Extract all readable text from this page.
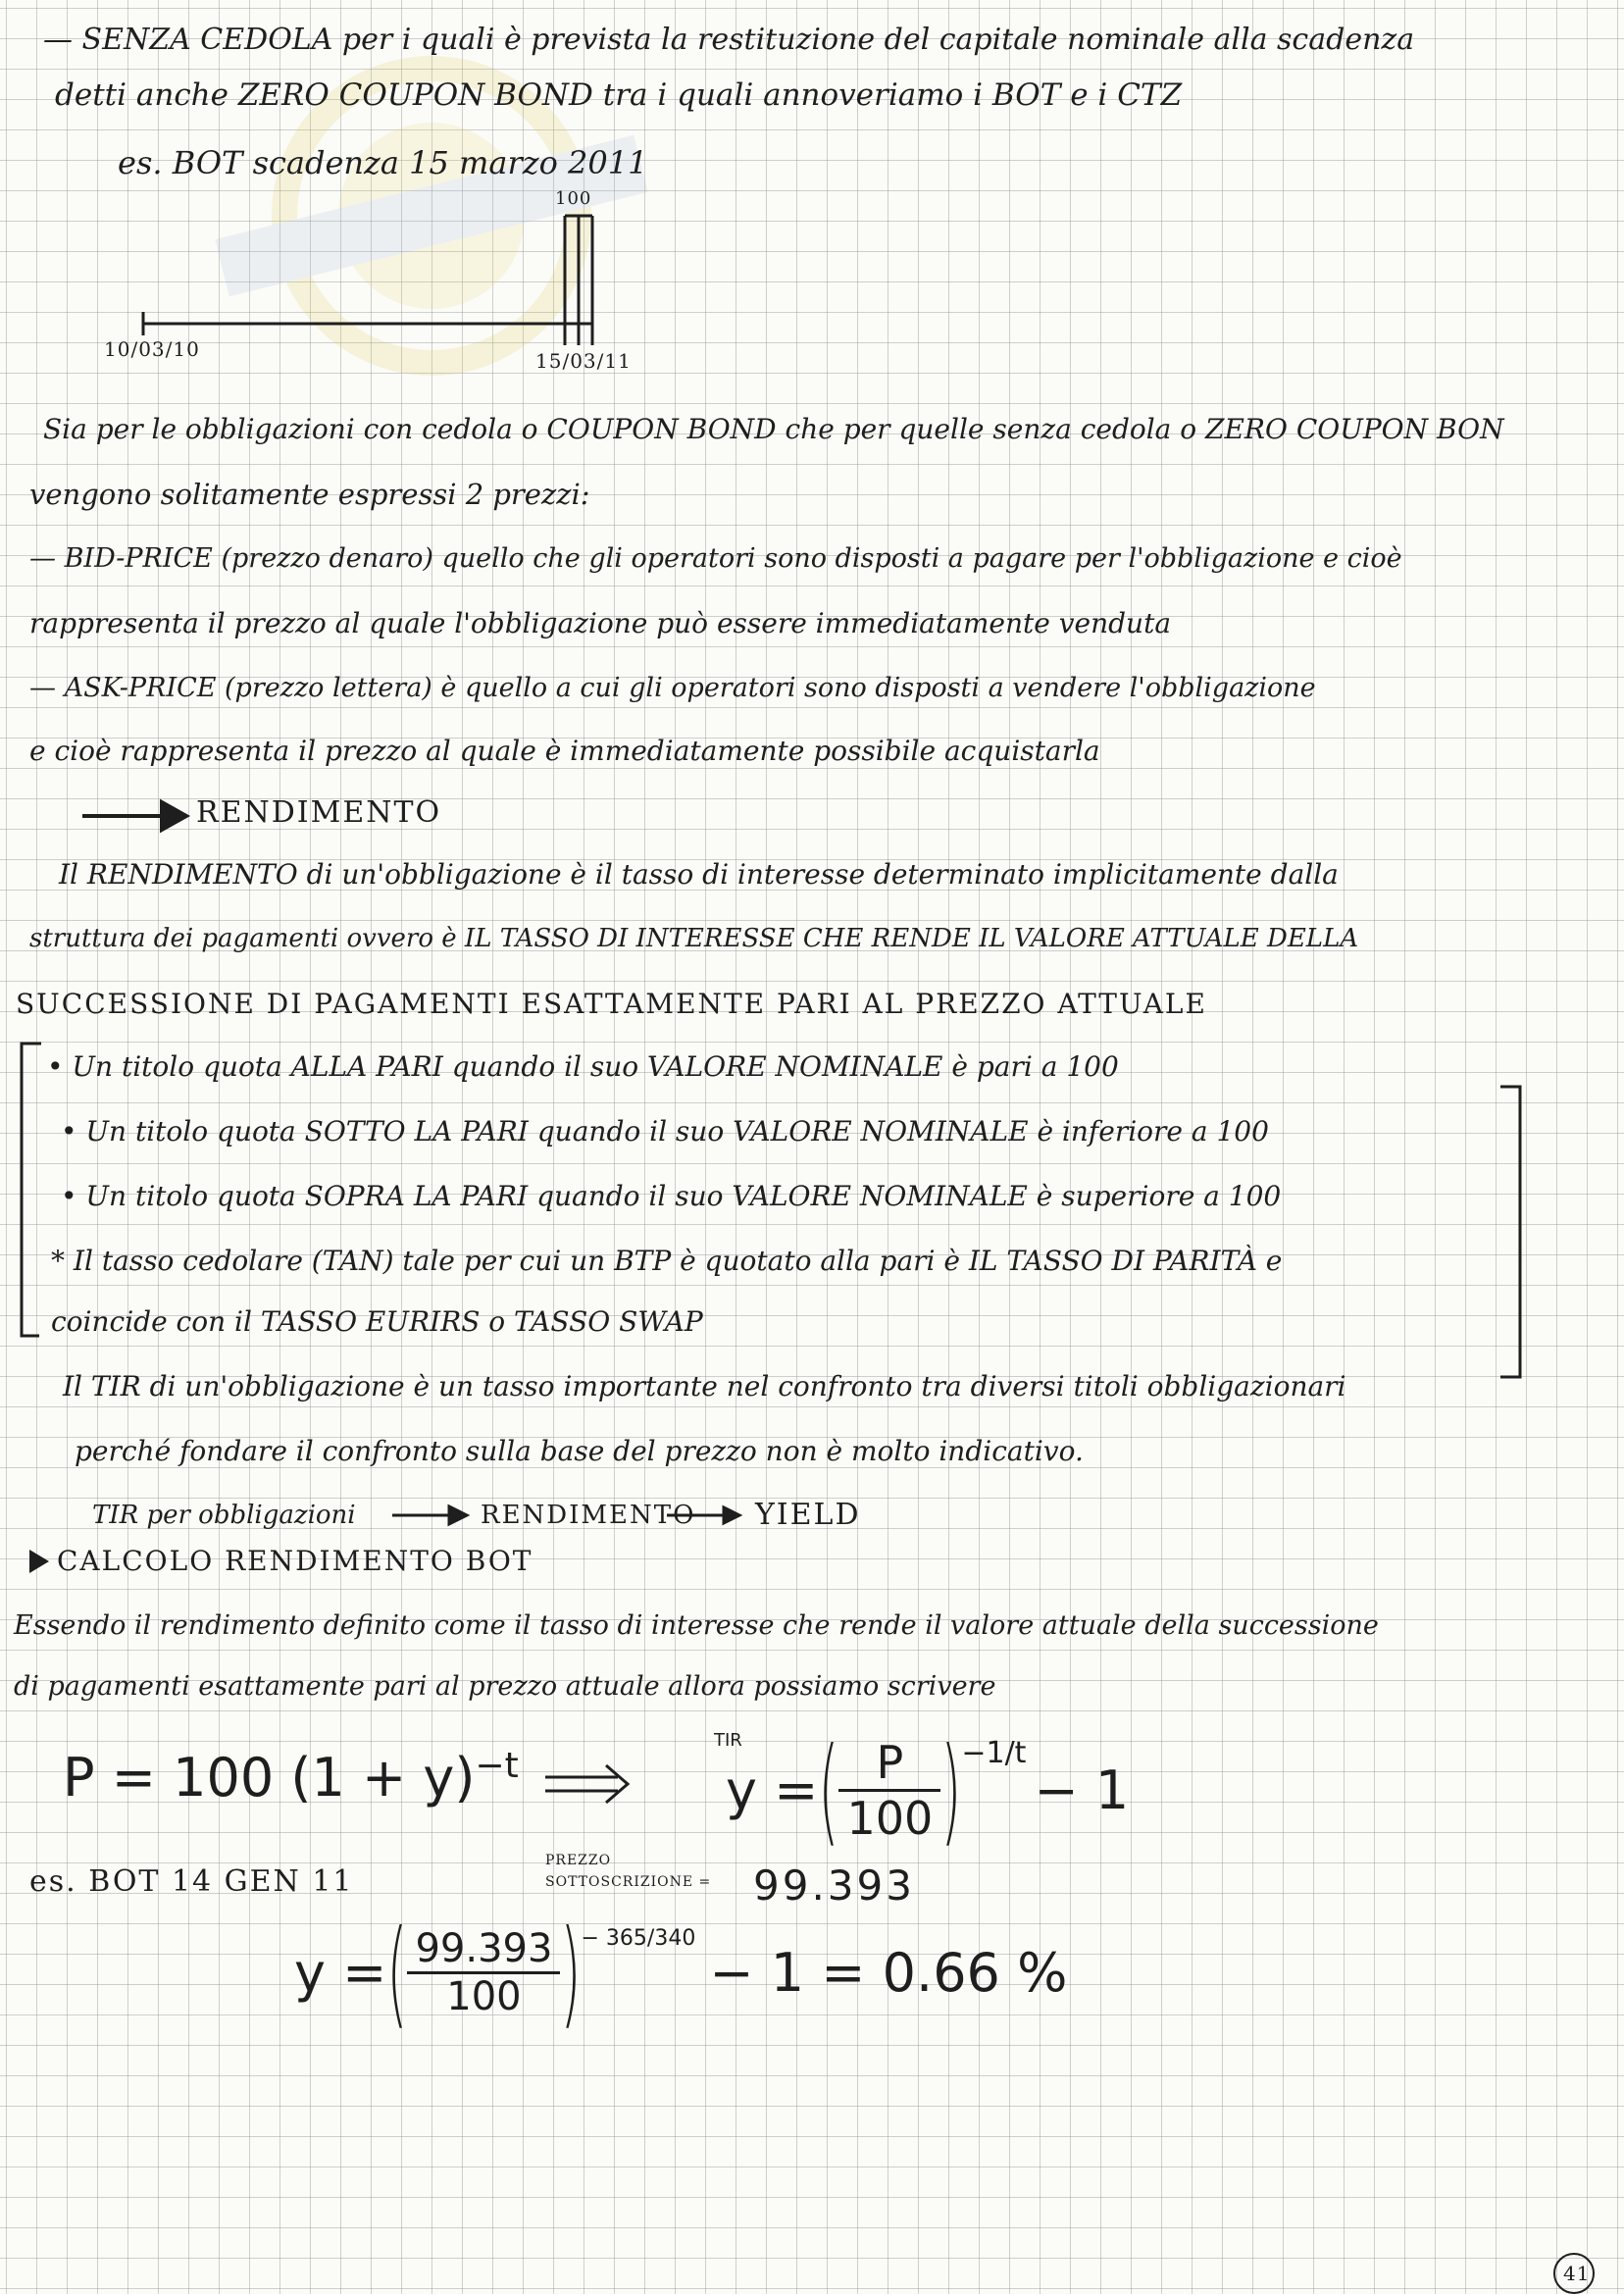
— SENZA CEDOLA per i quali è prevista la restituzione del capitale nominale alla scadenza
detti anche ZERO COUPON BOND tra i quali annoveriamo i BOT e i CTZ
es. BOT scadenza 15 marzo 2011
100
10/03/10	15/03/11
Sia per le obbligazioni con cedola o COUPON BOND che per quelle senza cedola o ZERO COUPON BON
vengono solitamente espressi 2 prezzi:
— BID-PRICE (prezzo denaro) quello che gli operatori sono disposti a pagare per l'obbligazione e cioè
rappresenta il prezzo al quale l'obbligazione può essere immediatamente venduta
— ASK-PRICE (prezzo lettera) è quello a cui gli operatori sono disposti a vendere l'obbligazione
e cioè rappresenta il prezzo al quale è immediatamente possibile acquistarla
RENDIMENTO
Il RENDIMENTO di un'obbligazione è il tasso di interesse determinato implicitamente dalla
struttura dei pagamenti ovvero è IL TASSO DI INTERESSE CHE RENDE IL VALORE ATTUALE DELLA
SUCCESSIONE DI PAGAMENTI ESATTAMENTE PARI AL PREZZO ATTUALE
• Un titolo quota ALLA PARI quando il suo VALORE NOMINALE è pari a 100
• Un titolo quota SOTTO LA PARI quando il suo VALORE NOMINALE è inferiore a 100
• Un titolo quota SOPRA LA PARI quando il suo VALORE NOMINALE è superiore a 100
* Il tasso cedolare (TAN) tale per cui un BTP è quotato alla pari è IL TASSO DI PARITÀ e
coincide con il TASSO EURIRS o TASSO SWAP
Il TIR di un'obbligazione è un tasso importante nel confronto tra diversi titoli obbligazionari
perché fondare il confronto sulla base del prezzo non è molto indicativo.
TIR per obbligazioni	RENDIMENTO YIELD
CALCOLO RENDIMENTO BOT
Essendo il rendimento definito come il tasso di interesse che rende il valore attuale della successione
di pagamenti esattamente pari al prezzo attuale allora possiamo scrivere
P = 100 $(1 + y)^{-t}$
TIR
y = ( $\frac{P}{100} )^{-1/t}$
− 1
es. BOT 14 GEN 11
PREZZO
SOTTOSCRIZIONE = 99.393
y = ( $\frac{99.393}{100} )^{- 365/340}$
− 1 = 0.66 %
41
